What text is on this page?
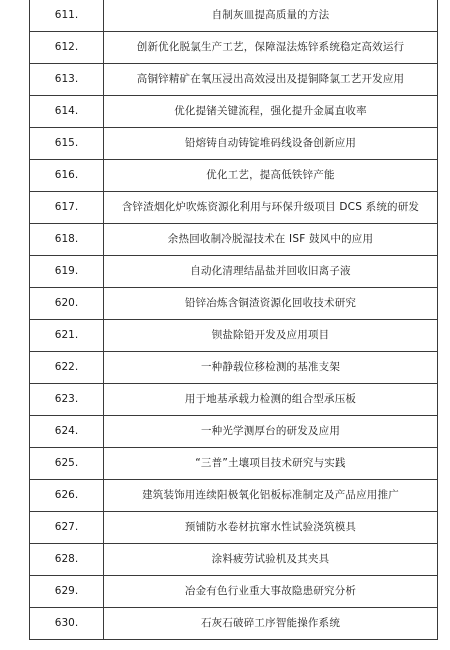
611.	自制灰皿提高质量的方法
612.	创新优化脱氯生产工艺，保障湿法炼锌系统稳定高效运行
613.	高铜锌精矿在氧压浸出高效浸出及提铜降氯工艺开发应用
614.	优化提锗关键流程，强化提升金属直收率
615.	铅熔铸自动铸锭堆码线设备创新应用
616.	优化工艺，提高低铁锌产能
617.	含锌渣烟化炉吹炼资源化利用与环保升级项目 DCS 系统的研发
618.	余热回收制冷脱湿技术在 ISF 鼓风中的应用
619.	自动化清理结晶盐并回收旧离子液
620.	铅锌冶炼含铜渣资源化回收技术研究
621.	钡盐除铅开发及应用项目
622.	一种静载位移检测的基准支架
623.	用于地基承载力检测的组合型承压板
624.	一种光学测厚台的研发及应用
625.	“三普”土壤项目技术研究与实践
626.	建筑装饰用连续阳极氧化铝板标准制定及产品应用推广
627.	预铺防水卷材抗窜水性试验浇筑模具
628.	涂料疲劳试验机及其夹具
629.	冶金有色行业重大事故隐患研究分析
630.	石灰石破碎工序智能操作系统
